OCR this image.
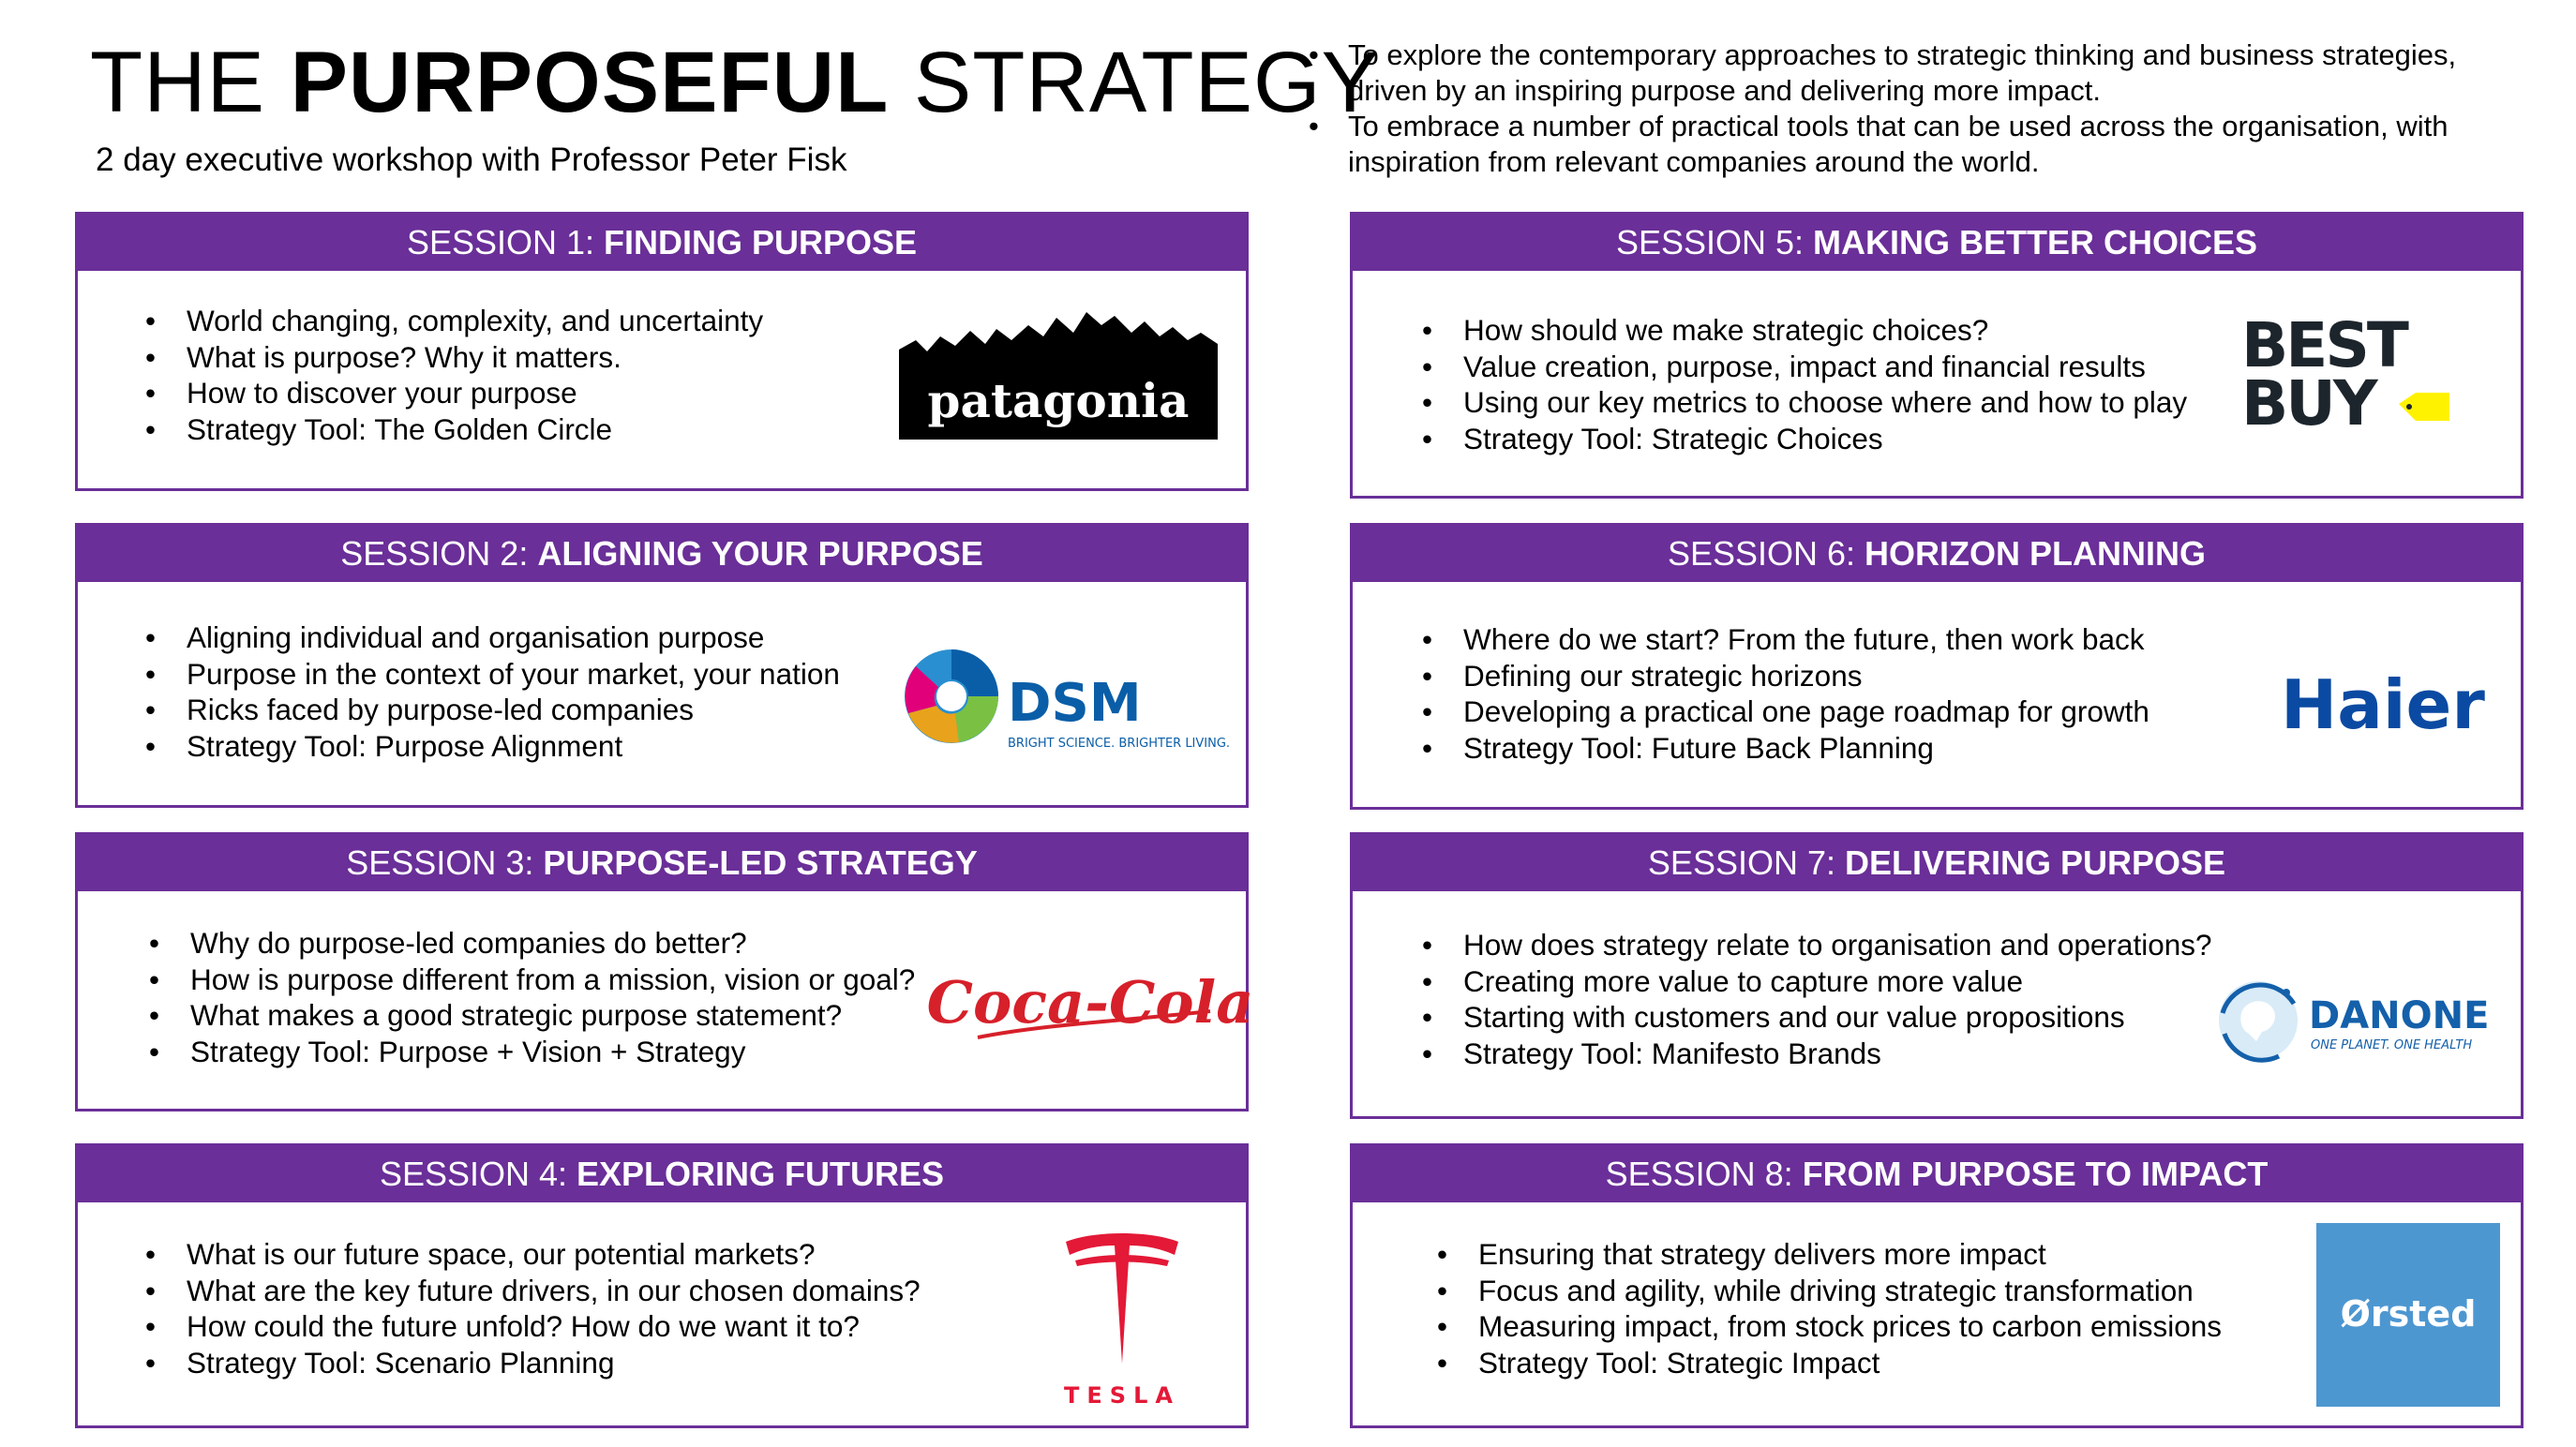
THE PURPOSEFUL STRATEGY
2 day executive workshop with Professor Peter Fisk
• To explore the contemporary approaches to strategic thinking and business strategies, driven by an inspiring purpose and delivering more impact.
• To embrace a number of practical tools that can be used across the organisation, with inspiration from relevant companies around the world.
SESSION 1: FINDING PURPOSE
• World changing, complexity, and uncertainty
• What is purpose? Why it matters.
• How to discover your purpose
• Strategy Tool: The Golden Circle
patagonia
SESSION 2: ALIGNING YOUR PURPOSE
• Aligning individual and organisation purpose
• Purpose in the context of your market, your nation
• Ricks faced by purpose-led companies
• Strategy Tool: Purpose Alignment
DSM
BRIGHT SCIENCE. BRIGHTER LIVING.
SESSION 3: PURPOSE-LED STRATEGY
• Why do purpose-led companies do better?
• How is purpose different from a mission, vision or goal?
• What makes a good strategic purpose statement?
• Strategy Tool: Purpose + Vision + Strategy
Coca-Cola
SESSION 4: EXPLORING FUTURES
• What is our future space, our potential markets?
• What are the key future drivers, in our chosen domains?
• How could the future unfold? How do we want it to?
• Strategy Tool: Scenario Planning
TESLA
SESSION 5: MAKING BETTER CHOICES
• How should we make strategic choices?
• Value creation, purpose, impact and financial results
• Using our key metrics to choose where and how to play
• Strategy Tool: Strategic Choices
BEST
BUY
SESSION 6: HORIZON PLANNING
• Where do we start? From the future, then work back
• Defining our strategic horizons
• Developing a practical one page roadmap for growth
• Strategy Tool: Future Back Planning
Haier
SESSION 7: DELIVERING PURPOSE
• How does strategy relate to organisation and operations?
• Creating more value to capture more value
• Starting with customers and our value propositions
• Strategy Tool: Manifesto Brands
DANONE
ONE PLANET. ONE HEALTH
SESSION 8: FROM PURPOSE TO IMPACT
• Ensuring that strategy delivers more impact
• Focus and agility, while driving strategic transformation
• Measuring impact, from stock prices to carbon emissions
• Strategy Tool: Strategic Impact
Ørsted
